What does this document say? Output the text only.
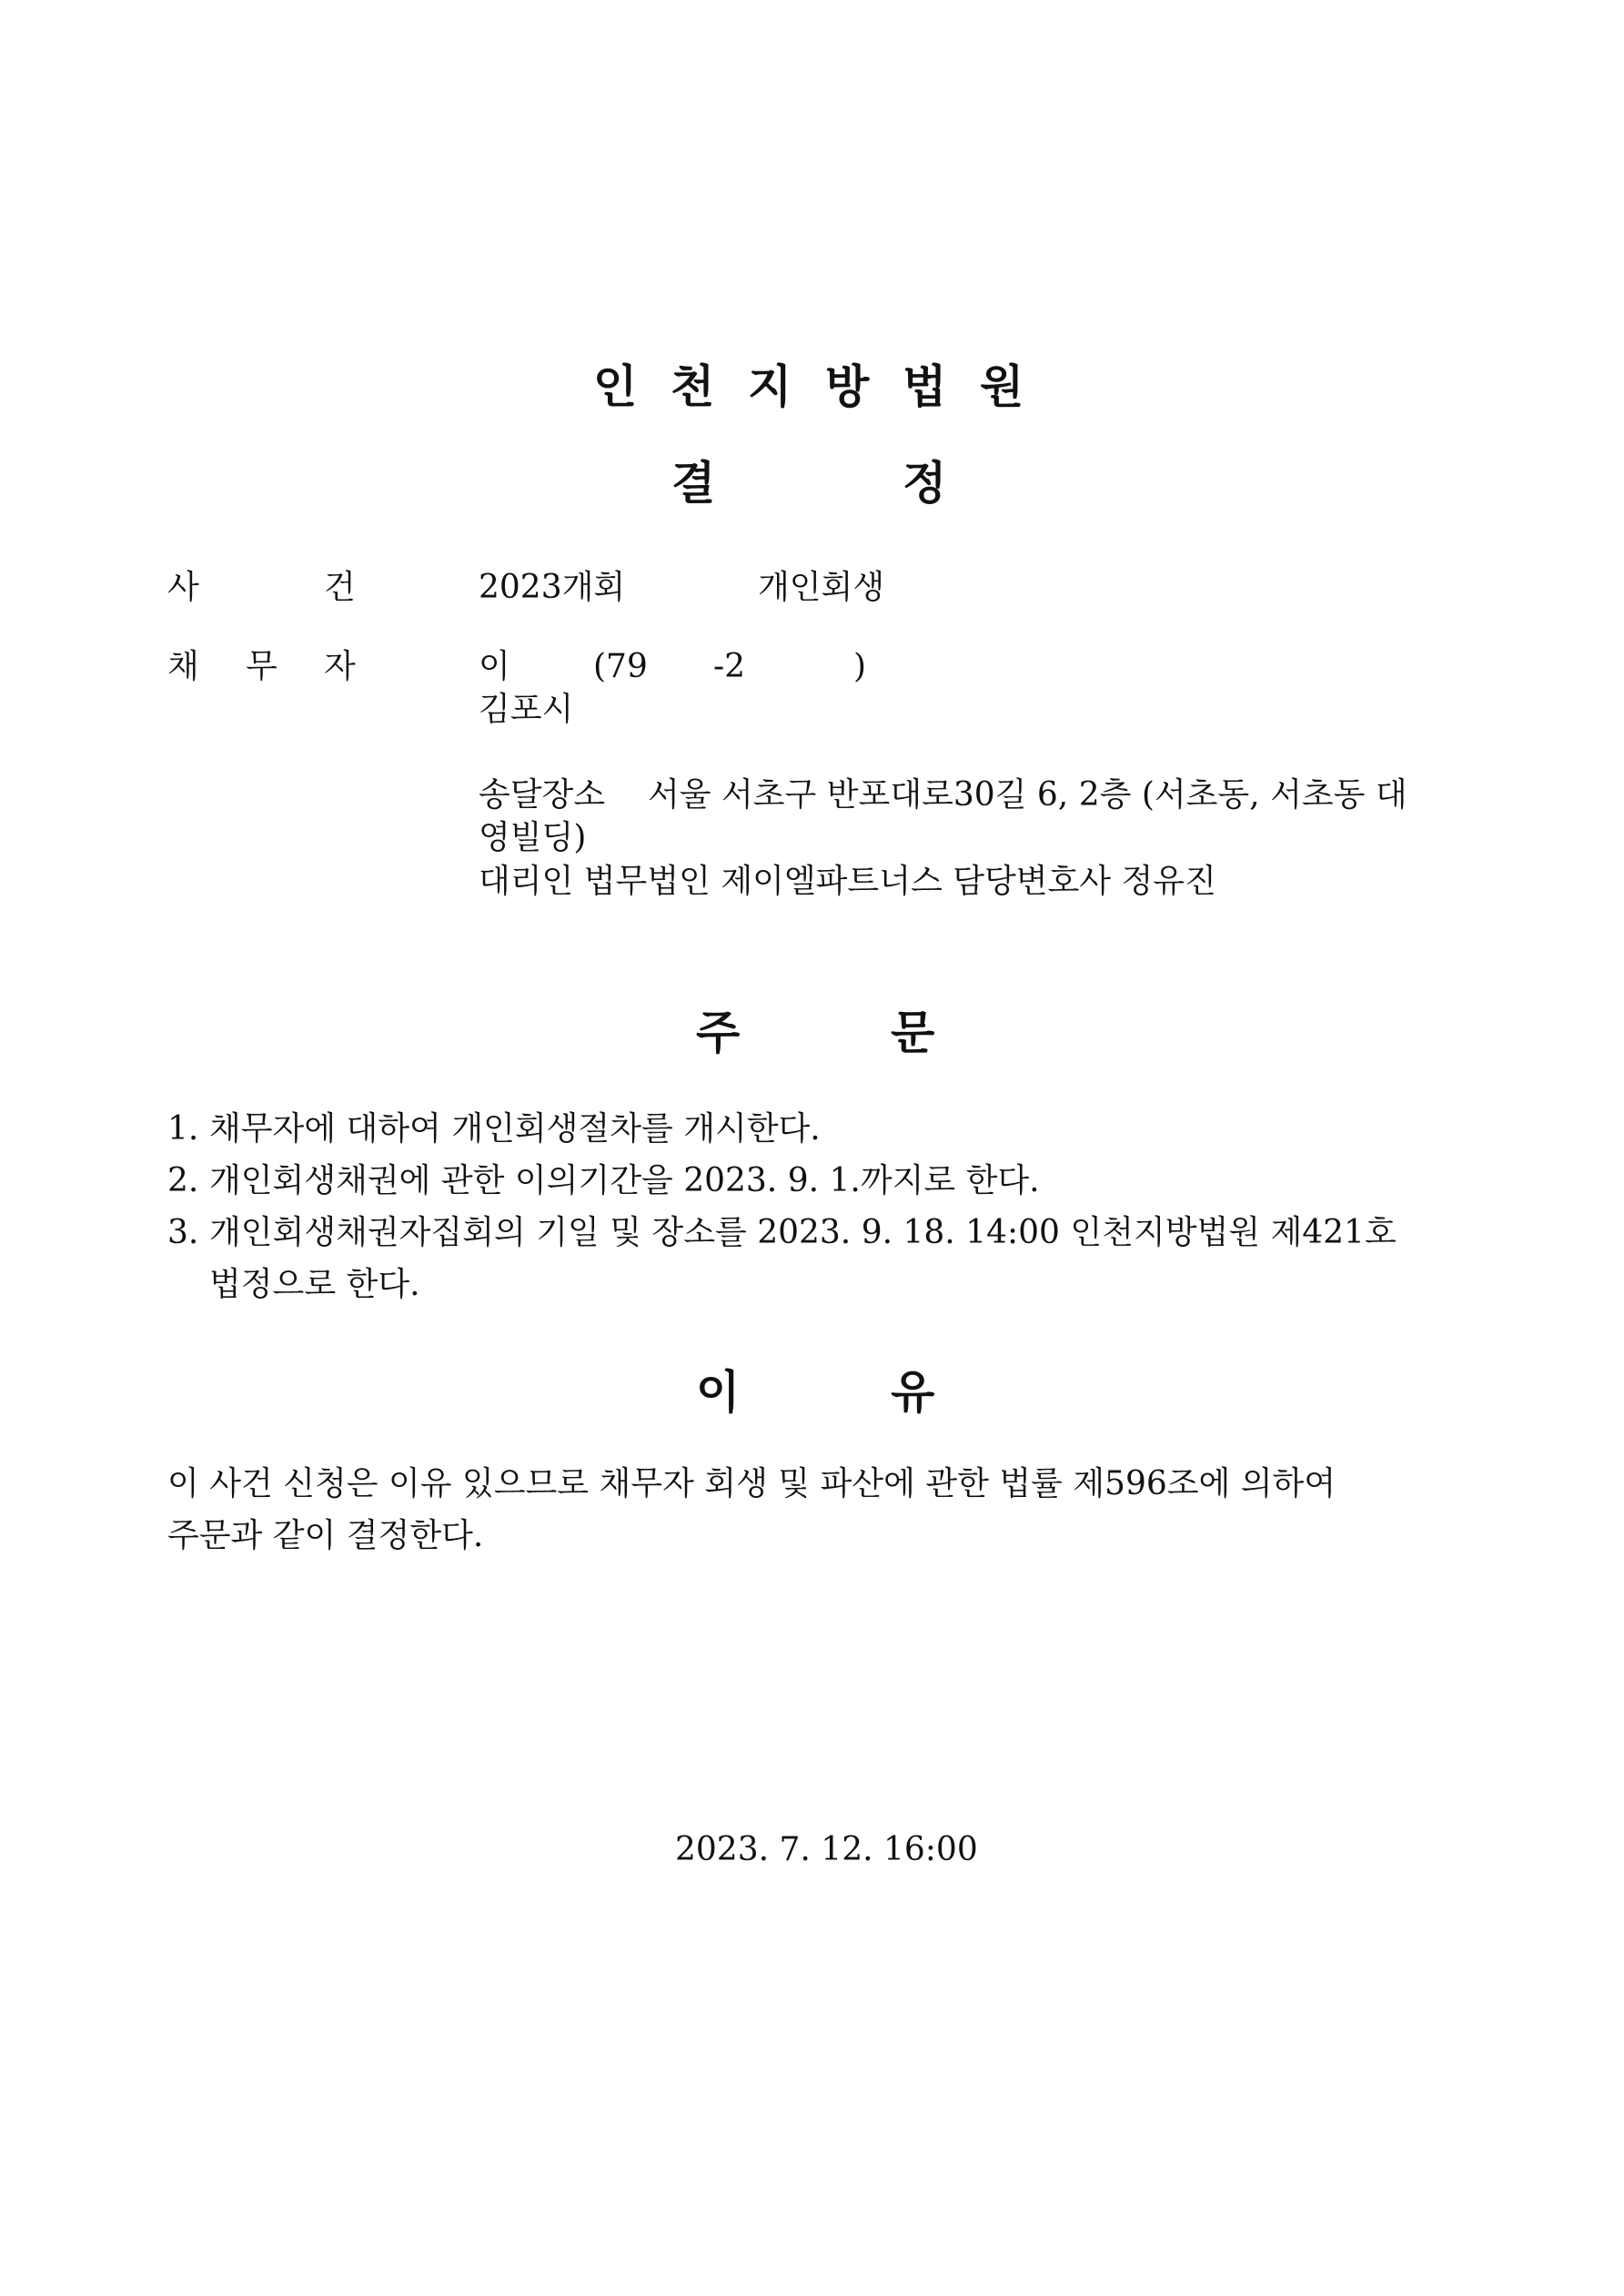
인 천 지 방 법 원
결	정
사	건	2023개회	개인회생
채 무 자	이	(79 -2	)
김포시
송달장소 서울 서초구 반포대로30길 6, 2층 (서초동, 서초동 대
영빌딩)
대리인 법무법인 제이엘파트너스 담당변호사 정유진
주	문
1. 채무자에 대하여 개인회생절차를 개시한다.
2. 개인회생채권에 관한 이의기간을 2023. 9. 1.까지로 한다.
3. 개인회생채권자집회의 기일 및 장소를 2023. 9. 18. 14:00 인천지방법원 제421호
법정으로 한다.
이	유
이 사건 신청은 이유 있으므로 채무자 회생 및 파산에 관한 법률 제596조에 의하여
주문과 같이 결정한다.
2023. 7. 12. 16:00
